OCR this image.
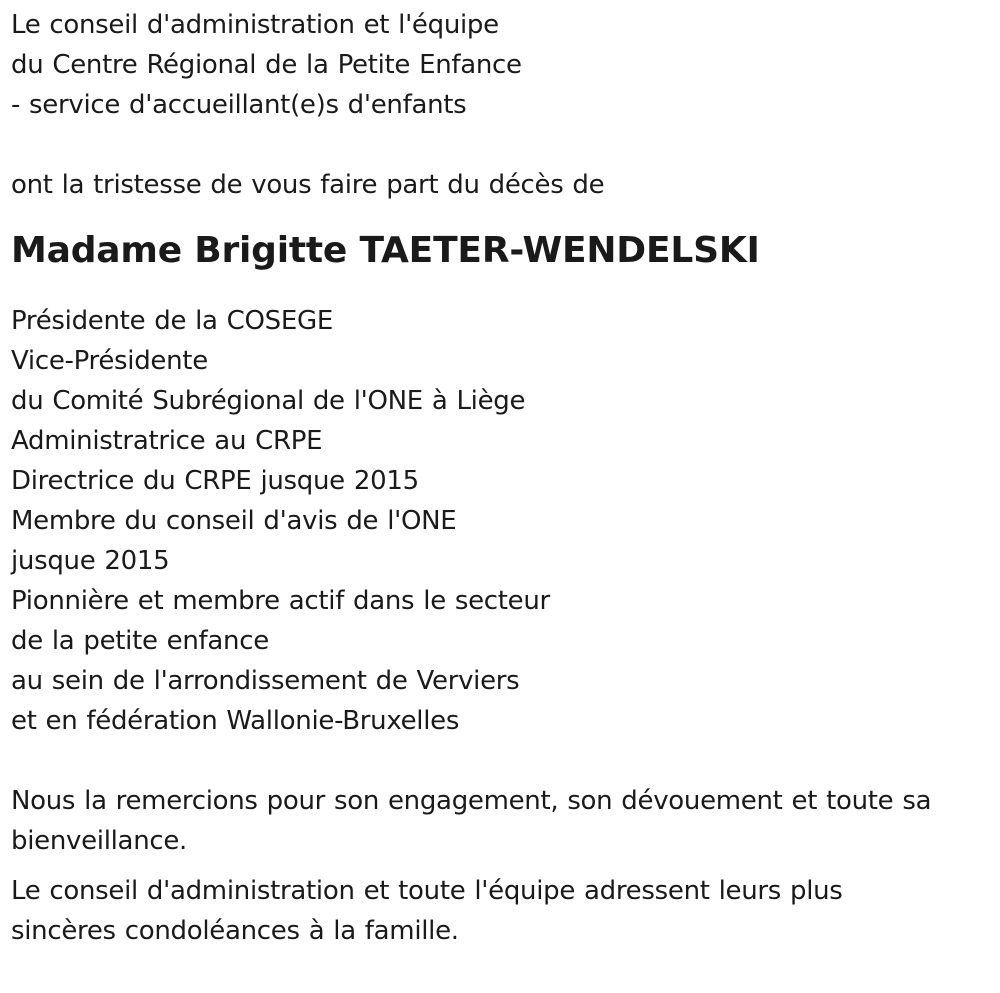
Le conseil d'administration et l'équipe
du Centre Régional de la Petite Enfance
- service d'accueillant(e)s d'enfants
ont la tristesse de vous faire part du décès de
Madame Brigitte TAETER-WENDELSKI
Présidente de la COSEGE
Vice-Présidente
du Comité Subrégional de l'ONE à Liège
Administratrice au CRPE
Directrice du CRPE jusque 2015
Membre du conseil d'avis de l'ONE
jusque 2015
Pionnière et membre actif dans le secteur
de la petite enfance
au sein de l'arrondissement de Verviers
et en fédération Wallonie-Bruxelles
Nous la remercions pour son engagement, son dévouement et toute sa
bienveillance.
Le conseil d'administration et toute l'équipe adressent leurs plus
sincères condoléances à la famille.
